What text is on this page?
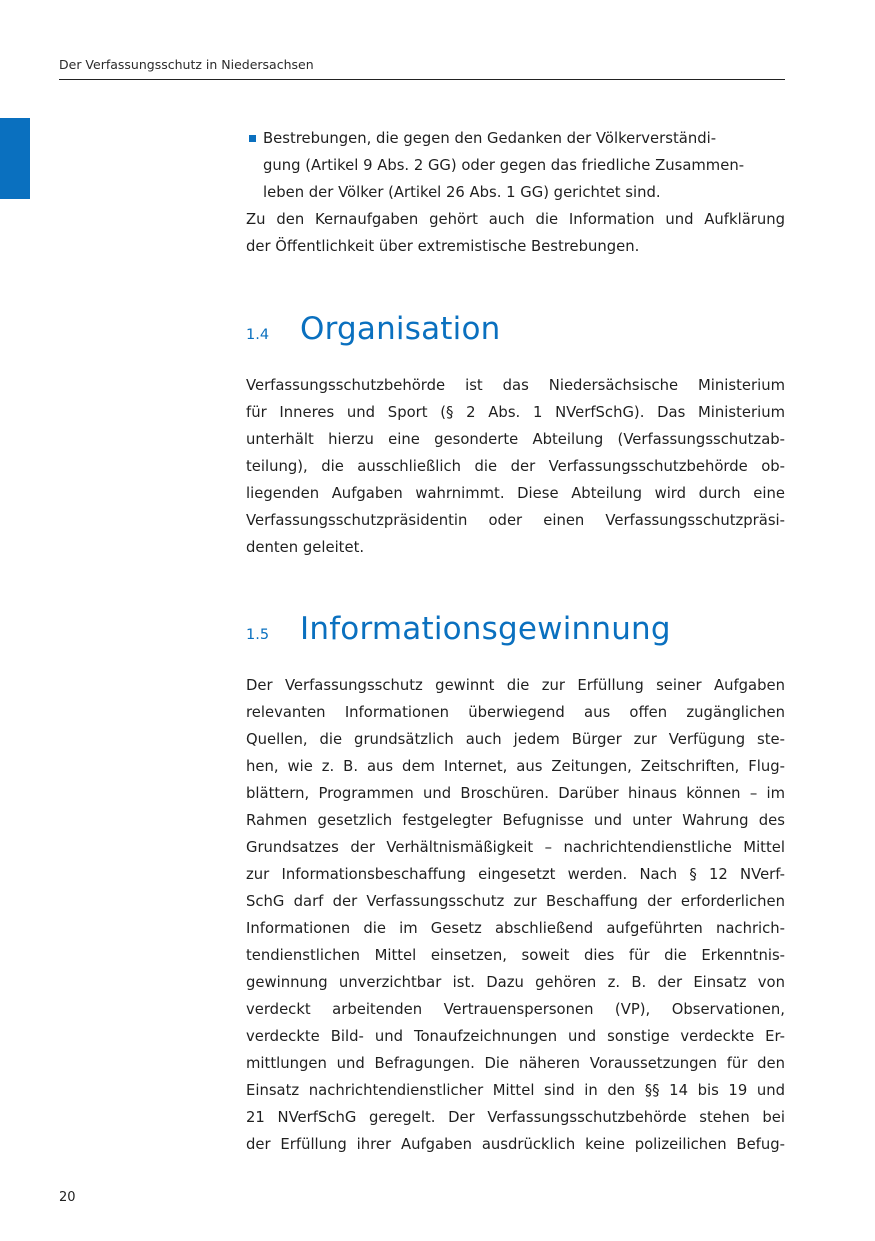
Der Verfassungsschutz in Niedersachsen
Bestrebungen, die gegen den Gedanken der Völkerverständi-
gung (Artikel 9 Abs. 2 GG) oder gegen das friedliche Zusammen-
leben der Völker (Artikel 26 Abs. 1 GG) gerichtet sind.
Zu den Kernaufgaben gehört auch die Information und Aufklärung
der Öffentlichkeit über extremistische Bestrebungen.
1.4 Organisation
Verfassungsschutzbehörde ist das Niedersächsische Ministerium
für Inneres und Sport (§ 2 Abs. 1 NVerfSchG). Das Ministerium
unterhält hierzu eine gesonderte Abteilung (Verfassungsschutzab-
teilung), die ausschließlich die der Verfassungsschutzbehörde ob-
liegenden Aufgaben wahrnimmt. Diese Abteilung wird durch eine
Verfassungsschutzpräsidentin oder einen Verfassungsschutzpräsi-
denten geleitet.
1.5 Informationsgewinnung
Der Verfassungsschutz gewinnt die zur Erfüllung seiner Aufgaben
relevanten Informationen überwiegend aus offen zugänglichen
Quellen, die grundsätzlich auch jedem Bürger zur Verfügung ste-
hen, wie z. B. aus dem Internet, aus Zeitungen, Zeitschriften, Flug-
blättern, Programmen und Broschüren. Darüber hinaus können – im
Rahmen gesetzlich festgelegter Befugnisse und unter Wahrung des
Grundsatzes der Verhältnismäßigkeit – nachrichtendienstliche Mittel
zur Informationsbeschaffung eingesetzt werden. Nach § 12 NVerf-
SchG darf der Verfassungsschutz zur Beschaffung der erforderlichen
Informationen die im Gesetz abschließend aufgeführten nachrich-
tendienstlichen Mittel einsetzen, soweit dies für die Erkenntnis-
gewinnung unverzichtbar ist. Dazu gehören z. B. der Einsatz von
verdeckt arbeitenden Vertrauenspersonen (VP), Observationen,
verdeckte Bild- und Tonaufzeichnungen und sonstige verdeckte Er-
mittlungen und Befragungen. Die näheren Voraussetzungen für den
Einsatz nachrichtendienstlicher Mittel sind in den §§ 14 bis 19 und
21 NVerfSchG geregelt. Der Verfassungsschutzbehörde stehen bei
der Erfüllung ihrer Aufgaben ausdrücklich keine polizeilichen Befug-
20
